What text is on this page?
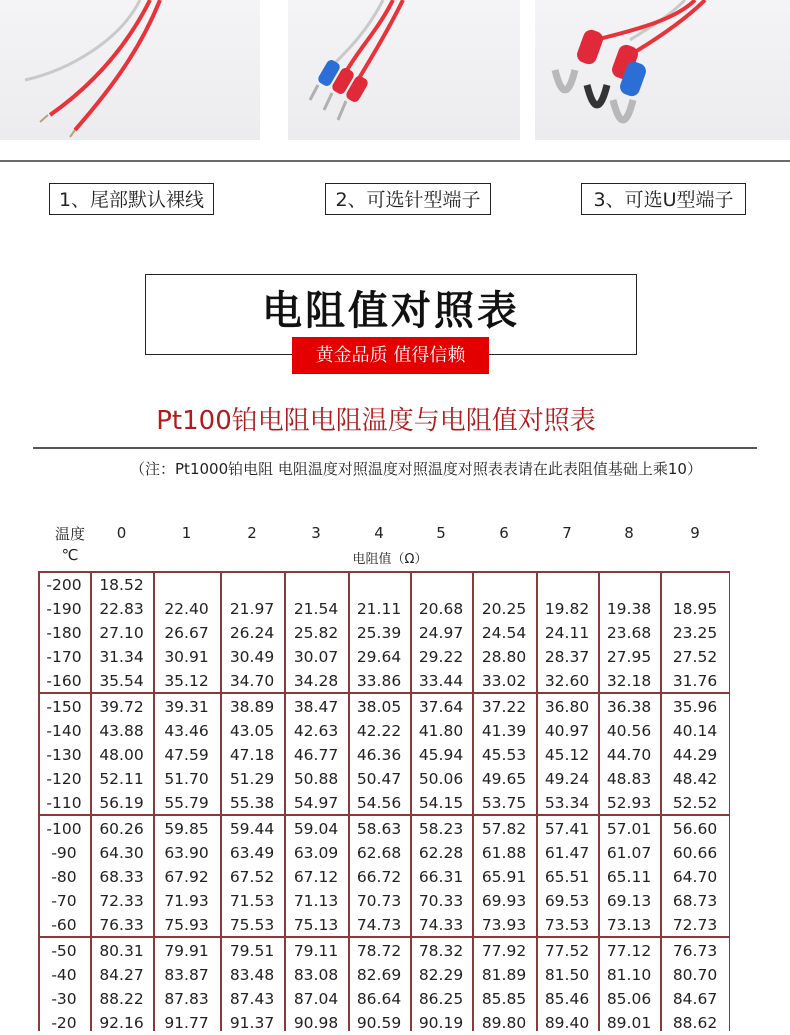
1、尾部默认裸线	2、可选针型端子	3、可选U型端子
电阻值对照表
黄金品质 值得信赖
Pt100铂电阻电阻温度与电阻值对照表
（注：Pt1000铂电阻 电阻温度对照温度对照温度对照表表请在此表阻值基础上乘10）
温度
℃
0	1	2	3	4	5	6	7	8	9
电阻值（Ω）
-200	18.52
-190	22.83	22.40	21.97	21.54	21.11	20.68	20.25	19.82	19.38	18.95
-180	27.10	26.67	26.24	25.82	25.39	24.97	24.54	24.11	23.68	23.25
-170	31.34	30.91	30.49	30.07	29.64	29.22	28.80	28.37	27.95	27.52
-160	35.54	35.12	34.70	34.28	33.86	33.44	33.02	32.60	32.18	31.76
-150	39.72	39.31	38.89	38.47	38.05	37.64	37.22	36.80	36.38	35.96
-140	43.88	43.46	43.05	42.63	42.22	41.80	41.39	40.97	40.56	40.14
-130	48.00	47.59	47.18	46.77	46.36	45.94	45.53	45.12	44.70	44.29
-120	52.11	51.70	51.29	50.88	50.47	50.06	49.65	49.24	48.83	48.42
-110	56.19	55.79	55.38	54.97	54.56	54.15	53.75	53.34	52.93	52.52
-100	60.26	59.85	59.44	59.04	58.63	58.23	57.82	57.41	57.01	56.60
-90	64.30	63.90	63.49	63.09	62.68	62.28	61.88	61.47	61.07	60.66
-80	68.33	67.92	67.52	67.12	66.72	66.31	65.91	65.51	65.11	64.70
-70	72.33	71.93	71.53	71.13	70.73	70.33	69.93	69.53	69.13	68.73
-60	76.33	75.93	75.53	75.13	74.73	74.33	73.93	73.53	73.13	72.73
-50	80.31	79.91	79.51	79.11	78.72	78.32	77.92	77.52	77.12	76.73
-40	84.27	83.87	83.48	83.08	82.69	82.29	81.89	81.50	81.10	80.70
-30	88.22	87.83	87.43	87.04	86.64	86.25	85.85	85.46	85.06	84.67
-20	92.16	91.77	91.37	90.98	90.59	90.19	89.80	89.40	89.01	88.62
